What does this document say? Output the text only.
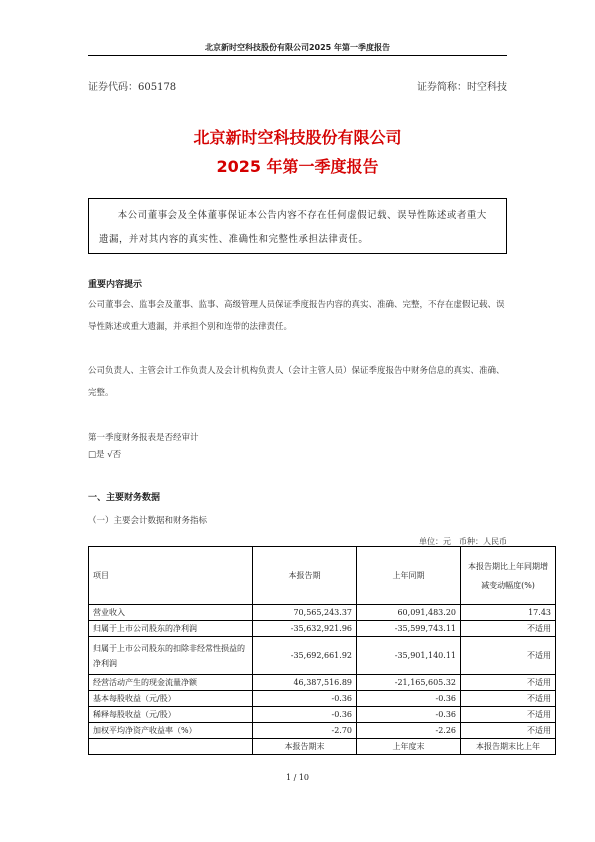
北京新时空科技股份有限公司2025 年第一季度报告
证券代码：605178	证券简称：时空科技
北京新时空科技股份有限公司
2025 年第一季度报告
本公司董事会及全体董事保证本公告内容不存在任何虚假记载、误导性陈述或者重大遗漏，并对其内容的真实性、准确性和完整性承担法律责任。
重要内容提示
公司董事会、监事会及董事、监事、高级管理人员保证季度报告内容的真实、准确、完整，不存在虚假记载、误导性陈述或重大遗漏，并承担个别和连带的法律责任。
公司负责人、主管会计工作负责人及会计机构负责人（会计主管人员）保证季度报告中财务信息的真实、准确、完整。
第一季度财务报表是否经审计
□是 √否
一、主要财务数据
（一）主要会计数据和财务指标
单位：元　币种：人民币
项目	本报告期	上年同期	本报告期比上年同期增减变动幅度(%)
营业收入	70,565,243.37	60,091,483.20	17.43
归属于上市公司股东的净利润	-35,632,921.96	-35,599,743.11	不适用
归属于上市公司股东的扣除非经常性损益的净利润	-35,692,661.92	-35,901,140.11	不适用
经营活动产生的现金流量净额	46,387,516.89	-21,165,605.32	不适用
基本每股收益（元/股）	-0.36	-0.36	不适用
稀释每股收益（元/股）	-0.36	-0.36	不适用
加权平均净资产收益率（%）	-2.70	-2.26	不适用
	本报告期末	上年度末	本报告期末比上年
1 / 10
